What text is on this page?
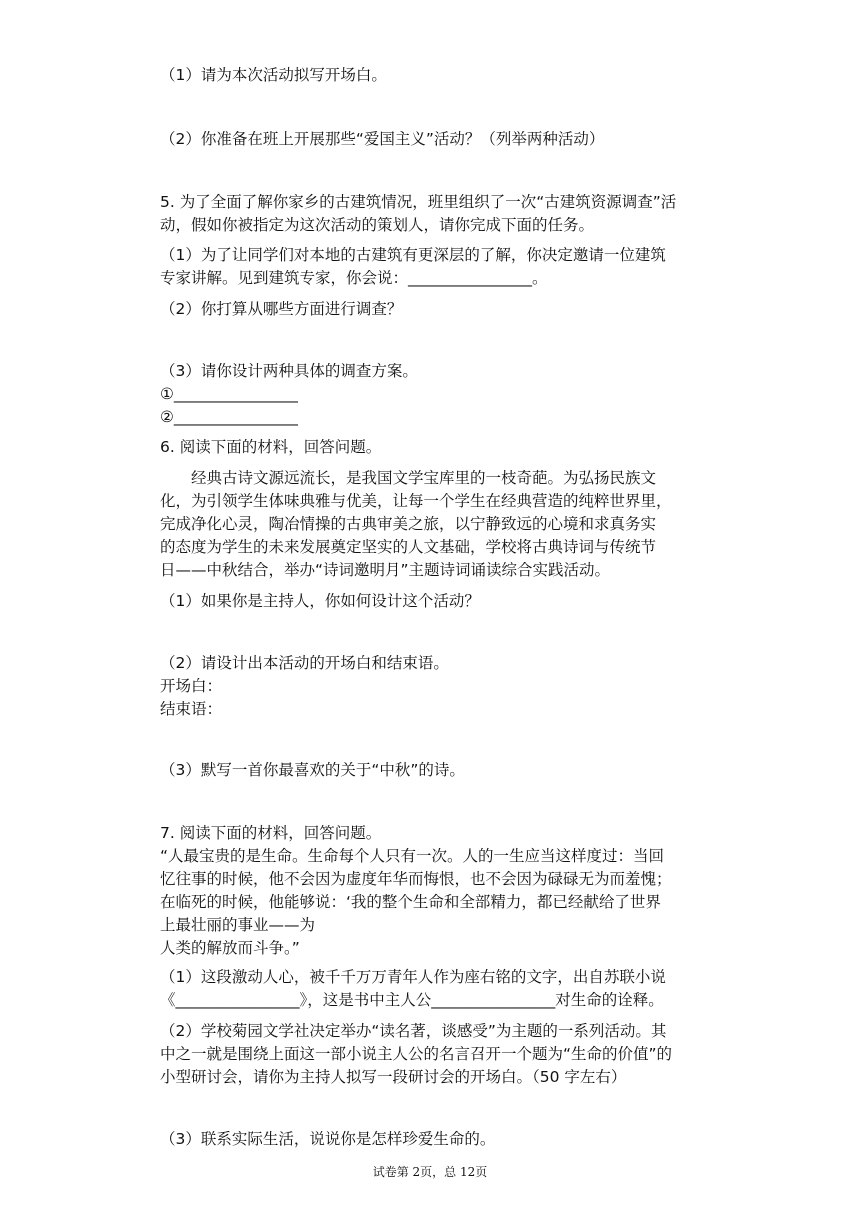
（1）请为本次活动拟写开场白。
（2）你准备在班上开展那些“爱国主义”活动？（列举两种活动）
5. 为了全面了解你家乡的古建筑情况，班里组织了一次“古建筑资源调查”活
动，假如你被指定为这次活动的策划人，请你完成下面的任务。
（1）为了让同学们对本地的古建筑有更深层的了解，你决定邀请一位建筑
专家讲解。见到建筑专家，你会说：________________。
（2）你打算从哪些方面进行调查？
（3）请你设计两种具体的调查方案。
①________________
②________________
6. 阅读下面的材料，回答问题。
　　经典古诗文源远流长，是我国文学宝库里的一枝奇葩。为弘扬民族文
化，为引领学生体味典雅与优美，让每一个学生在经典营造的纯粹世界里，
完成净化心灵，陶冶情操的古典审美之旅，以宁静致远的心境和求真务实
的态度为学生的未来发展奠定坚实的人文基础，学校将古典诗词与传统节
日——中秋结合，举办“诗词邀明月”主题诗词诵读综合实践活动。
（1）如果你是主持人，你如何设计这个活动？
（2）请设计出本活动的开场白和结束语。
开场白：
结束语：
（3）默写一首你最喜欢的关于“中秋”的诗。
7. 阅读下面的材料，回答问题。
“人最宝贵的是生命。生命每个人只有一次。人的一生应当这样度过：当回
忆往事的时候，他不会因为虚度年华而悔恨，也不会因为碌碌无为而羞愧；
在临死的时候，他能够说：‘我的整个生命和全部精力，都已经献给了世界
上最壮丽的事业——为
人类的解放而斗争。”
（1）这段激动人心，被千千万万青年人作为座右铭的文字，出自苏联小说
《________________》，这是书中主人公________________对生命的诠释。
（2）学校菊园文学社决定举办“读名著，谈感受”为主题的一系列活动。其
中之一就是围绕上面这一部小说主人公的名言召开一个题为“生命的价值”的
小型研讨会，请你为主持人拟写一段研讨会的开场白。（50 字左右）
（3）联系实际生活，说说你是怎样珍爱生命的。
试卷第 2页，总 12页
